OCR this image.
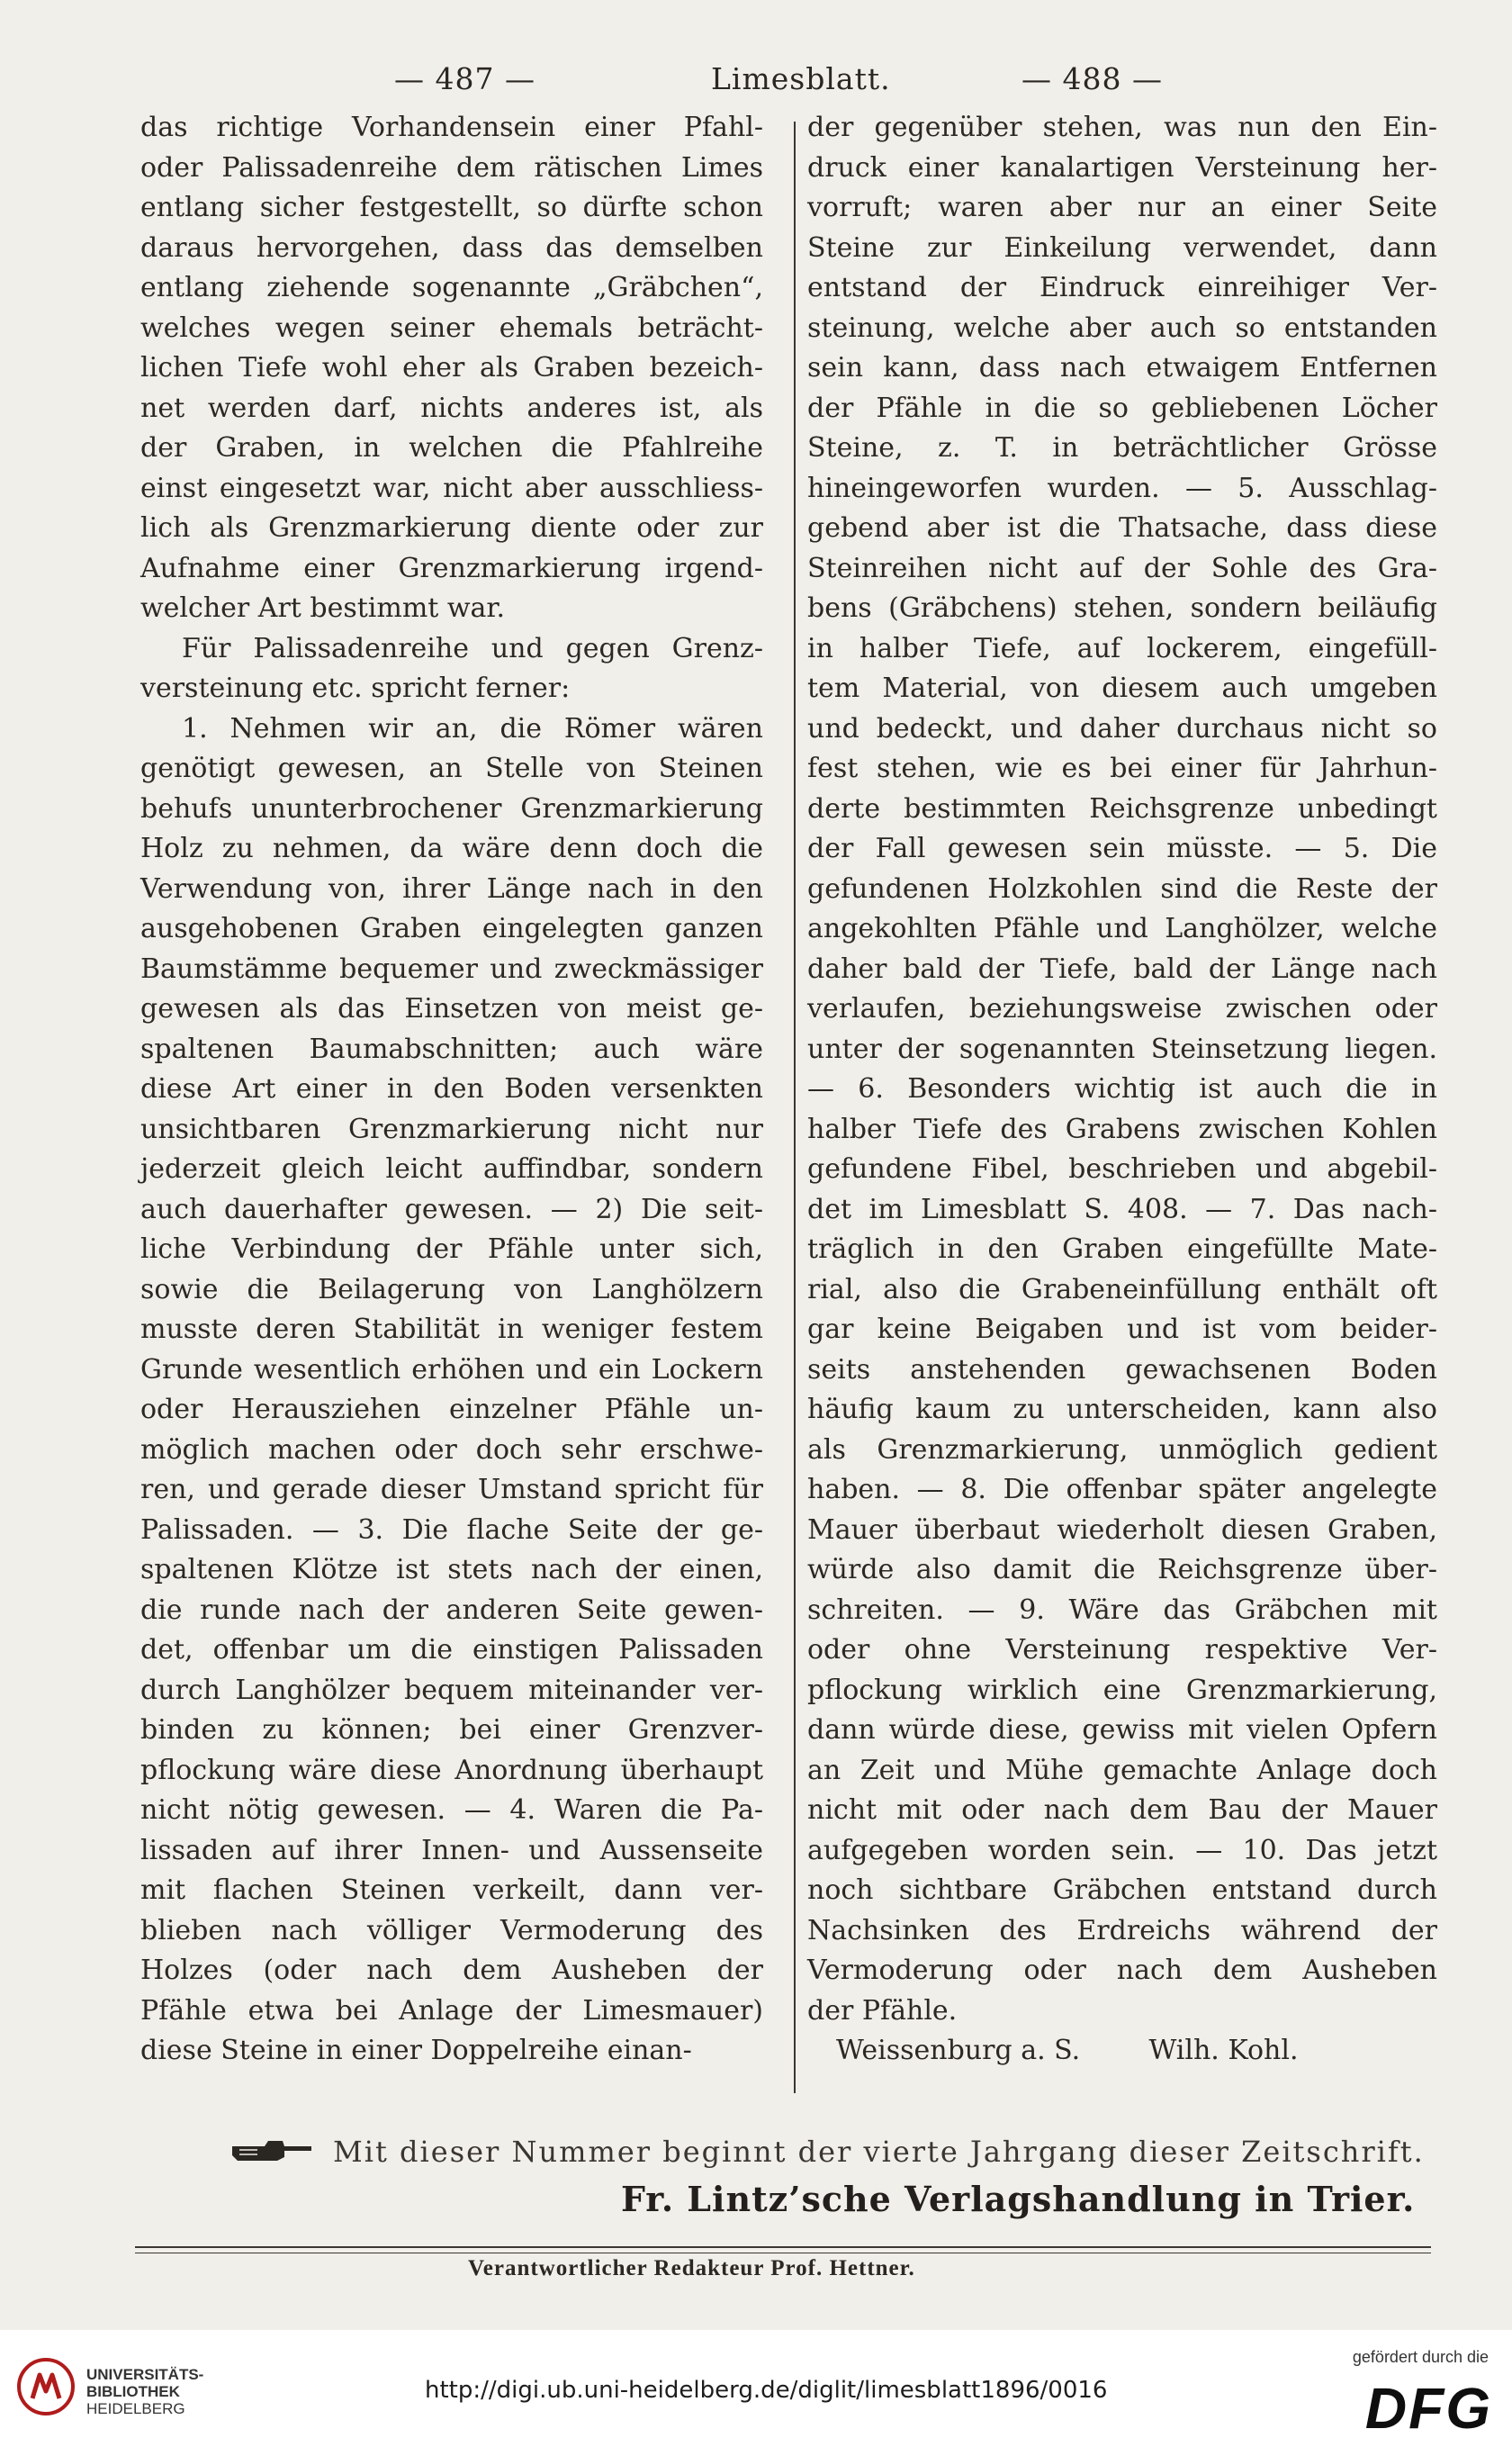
— 487 —	Limesblatt.	— 488 —
das richtige Vorhandensein einer Pfahl-
oder Palissadenreihe dem rätischen Limes
entlang sicher festgestellt, so dürfte schon
daraus hervorgehen, dass das demselben
entlang ziehende sogenannte „Gräbchen“,
welches wegen seiner ehemals beträcht-
lichen Tiefe wohl eher als Graben bezeich-
net werden darf, nichts anderes ist, als
der Graben, in welchen die Pfahlreihe
einst eingesetzt war, nicht aber ausschliess-
lich als Grenzmarkierung diente oder zur
Aufnahme einer Grenzmarkierung irgend-
welcher Art bestimmt war.
Für Palissadenreihe und gegen Grenz-
versteinung etc. spricht ferner:
1. Nehmen wir an, die Römer wären
genötigt gewesen, an Stelle von Steinen
behufs ununterbrochener Grenzmarkierung
Holz zu nehmen, da wäre denn doch die
Verwendung von, ihrer Länge nach in den
ausgehobenen Graben eingelegten ganzen
Baumstämme bequemer und zweckmässiger
gewesen als das Einsetzen von meist ge-
spaltenen Baumabschnitten; auch wäre
diese Art einer in den Boden versenkten
unsichtbaren Grenzmarkierung nicht nur
jederzeit gleich leicht auffindbar, sondern
auch dauerhafter gewesen. — 2) Die seit-
liche Verbindung der Pfähle unter sich,
sowie die Beilagerung von Langhölzern
musste deren Stabilität in weniger festem
Grunde wesentlich erhöhen und ein Lockern
oder Herausziehen einzelner Pfähle un-
möglich machen oder doch sehr erschwe-
ren, und gerade dieser Umstand spricht für
Palissaden. — 3. Die flache Seite der ge-
spaltenen Klötze ist stets nach der einen,
die runde nach der anderen Seite gewen-
det, offenbar um die einstigen Palissaden
durch Langhölzer bequem miteinander ver-
binden zu können; bei einer Grenzver-
pflockung wäre diese Anordnung überhaupt
nicht nötig gewesen. — 4. Waren die Pa-
lissaden auf ihrer Innen- und Aussenseite
mit flachen Steinen verkeilt, dann ver-
blieben nach völliger Vermoderung des
Holzes (oder nach dem Ausheben der
Pfähle etwa bei Anlage der Limesmauer)
diese Steine in einer Doppelreihe einan-
der gegenüber stehen, was nun den Ein-
druck einer kanalartigen Versteinung her-
vorruft; waren aber nur an einer Seite
Steine zur Einkeilung verwendet, dann
entstand der Eindruck einreihiger Ver-
steinung, welche aber auch so entstanden
sein kann, dass nach etwaigem Entfernen
der Pfähle in die so gebliebenen Löcher
Steine, z. T. in beträchtlicher Grösse
hineingeworfen wurden. — 5. Ausschlag-
gebend aber ist die Thatsache, dass diese
Steinreihen nicht auf der Sohle des Gra-
bens (Gräbchens) stehen, sondern beiläufig
in halber Tiefe, auf lockerem, eingefüll-
tem Material, von diesem auch umgeben
und bedeckt, und daher durchaus nicht so
fest stehen, wie es bei einer für Jahrhun-
derte bestimmten Reichsgrenze unbedingt
der Fall gewesen sein müsste. — 5. Die
gefundenen Holzkohlen sind die Reste der
angekohlten Pfähle und Langhölzer, welche
daher bald der Tiefe, bald der Länge nach
verlaufen, beziehungsweise zwischen oder
unter der sogenannten Steinsetzung liegen.
— 6. Besonders wichtig ist auch die in
halber Tiefe des Grabens zwischen Kohlen
gefundene Fibel, beschrieben und abgebil-
det im Limesblatt S. 408. — 7. Das nach-
träglich in den Graben eingefüllte Mate-
rial, also die Grabeneinfüllung enthält oft
gar keine Beigaben und ist vom beider-
seits anstehenden gewachsenen Boden
häufig kaum zu unterscheiden, kann also
als Grenzmarkierung, unmöglich gedient
haben. — 8. Die offenbar später angelegte
Mauer überbaut wiederholt diesen Graben,
würde also damit die Reichsgrenze über-
schreiten. — 9. Wäre das Gräbchen mit
oder ohne Versteinung respektive Ver-
pflockung wirklich eine Grenzmarkierung,
dann würde diese, gewiss mit vielen Opfern
an Zeit und Mühe gemachte Anlage doch
nicht mit oder nach dem Bau der Mauer
aufgegeben worden sein. — 10. Das jetzt
noch sichtbare Gräbchen entstand durch
Nachsinken des Erdreichs während der
Vermoderung oder nach dem Ausheben
der Pfähle.
Weissenburg a. S.        Wilh. Kohl.
Mit dieser Nummer beginnt der vierte Jahrgang dieser Zeitschrift.
Fr. Lintz’sche Verlagshandlung in Trier.
Verantwortlicher Redakteur Prof. Hettner.
UNIVERSITÄTS-
BIBLIOTHEK
HEIDELBERG
http://digi.ub.uni-heidelberg.de/diglit/limesblatt1896/0016
gefördert durch die
DFG
